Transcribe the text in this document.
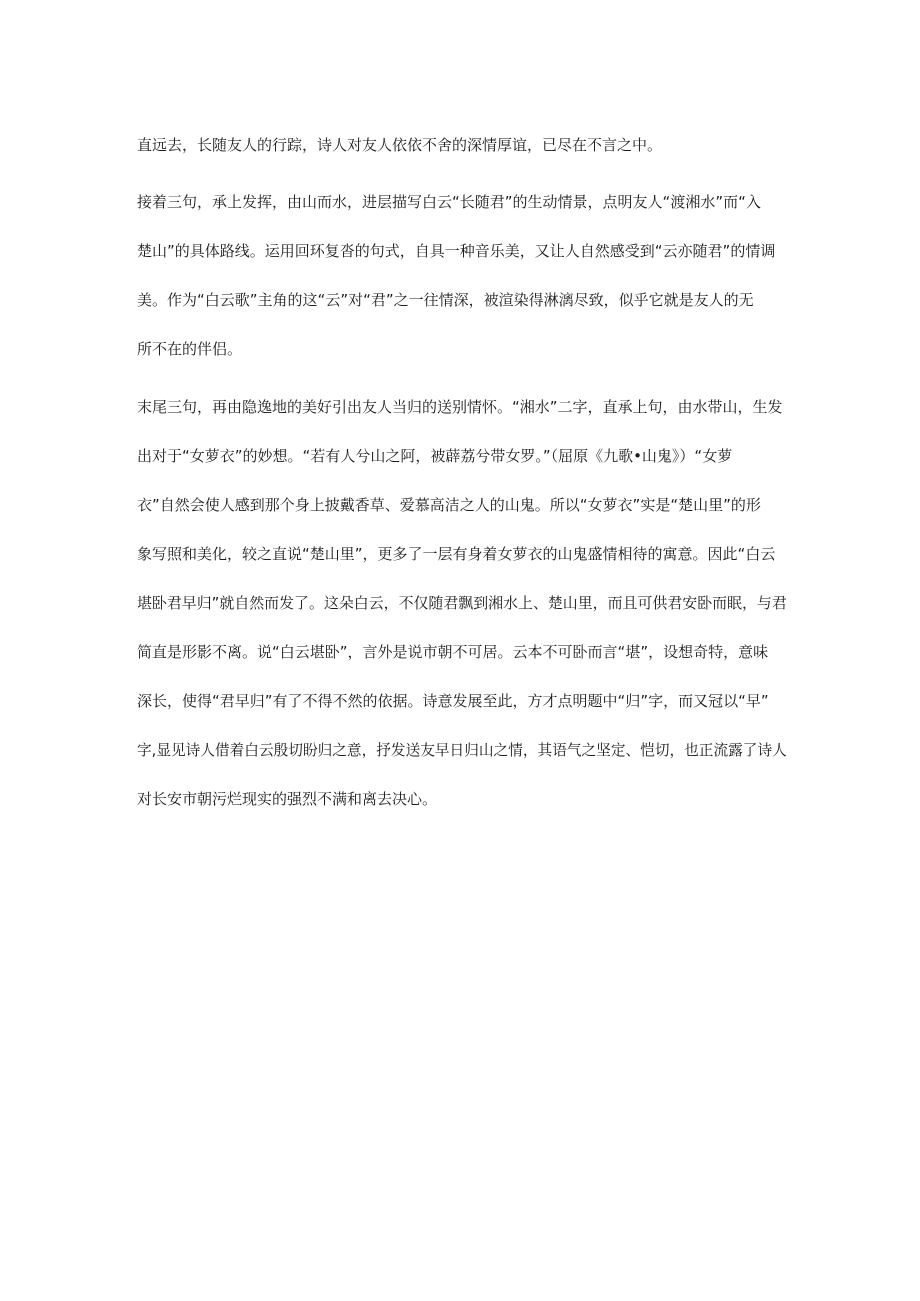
直远去，长随友人的行踪，诗人对友人依依不舍的深情厚谊，已尽在不言之中。
接着三句，承上发挥，由山而水，进层描写白云“长随君”的生动情景，点明友人“渡湘水”而“入
楚山”的具体路线。运用回环复沓的句式，自具一种音乐美，又让人自然感受到“云亦随君”的情调
美。作为“白云歌”主角的这“云”对“君”之一往情深，被渲染得淋漓尽致，似乎它就是友人的无
所不在的伴侣。
末尾三句，再由隐逸地的美好引出友人当归的送别情怀。“湘水”二字，直承上句，由水带山，生发
出对于“女萝衣”的妙想。“若有人兮山之阿，被薜荔兮带女罗。”（屈原《九歌•山鬼》）“女萝
衣”自然会使人感到那个身上披戴香草、爱慕高洁之人的山鬼。所以“女萝衣”实是“楚山里”的形
象写照和美化，较之直说“楚山里”，更多了一层有身着女萝衣的山鬼盛情相待的寓意。因此“白云
堪卧君早归”就自然而发了。这朵白云，不仅随君飘到湘水上、楚山里，而且可供君安卧而眠，与君
简直是形影不离。说“白云堪卧”，言外是说市朝不可居。云本不可卧而言“堪”，设想奇特，意味
深长，使得“君早归”有了不得不然的依据。诗意发展至此，方才点明题中“归”字，而又冠以“早”
字,显见诗人借着白云殷切盼归之意，抒发送友早日归山之情，其语气之坚定、恺切，也正流露了诗人
对长安市朝污烂现实的强烈不满和离去决心。
